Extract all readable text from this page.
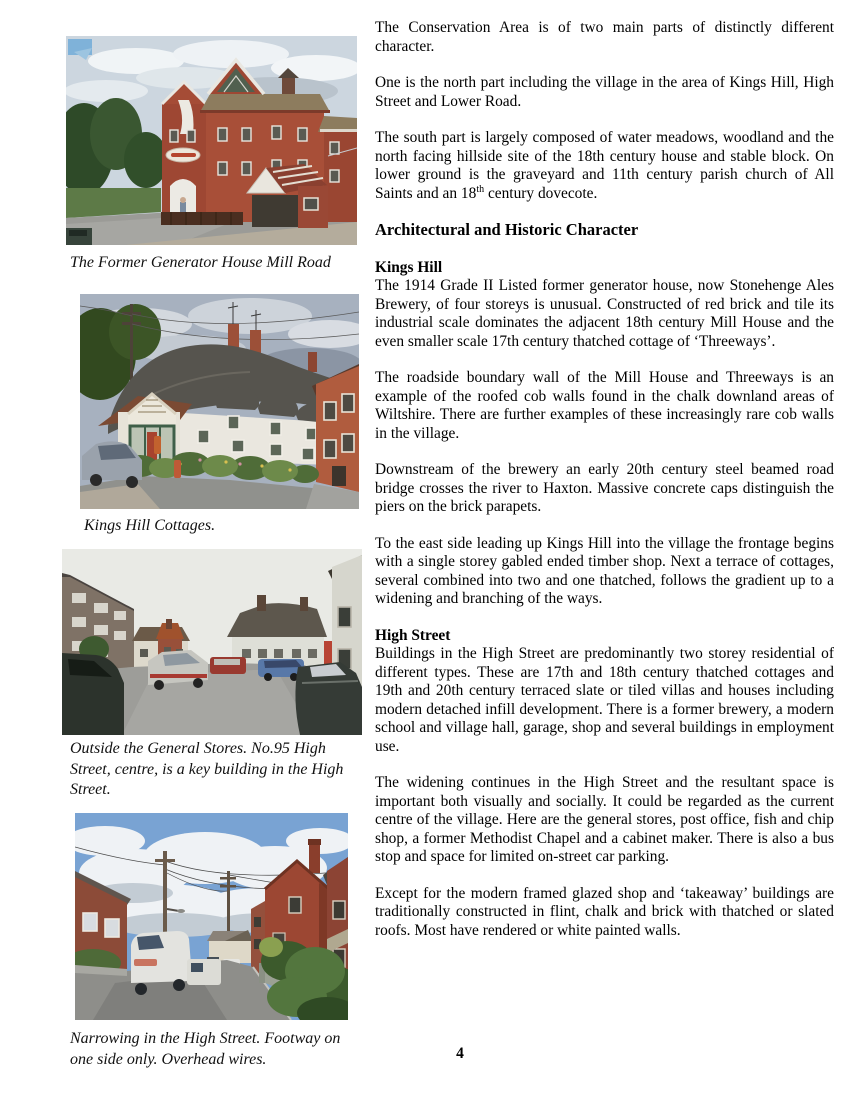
The Former Generator House Mill Road
Kings Hill Cottages.
Outside the General Stores. No.95 High Street, centre, is a key building in the High Street.
Narrowing in the High Street. Footway on one side only. Overhead wires.

The Conservation Area is of two main parts of distinctly different character.

One is the north part including the village in the area of Kings Hill, High Street and Lower Road.

The south part is largely composed of water meadows, woodland and the north facing hillside site of the 18th century house and stable block. On lower ground is the graveyard and 11th century parish church of All Saints and an 18th century dovecote.

Architectural and Historic Character
Kings Hill

The 1914 Grade II Listed former generator house, now Stonehenge Ales Brewery, of four storeys is unusual. Constructed of red brick and tile its industrial scale dominates the adjacent 18th century Mill House and the even smaller scale 17th century thatched cottage of ‘Threeways’.

The roadside boundary wall of the Mill House and Threeways is an example of the roofed cob walls found in the chalk downland areas of Wiltshire. There are further examples of these increasingly rare cob walls in the village.

Downstream of the brewery an early 20th century steel beamed road bridge crosses the river to Haxton. Massive concrete caps distinguish the piers on the brick parapets.

To the east side leading up Kings Hill into the village the frontage begins with a single storey gabled ended timber shop. Next a terrace of cottages, several combined into two and one thatched, follows the gradient up to a widening and branching of the ways.

High Street

Buildings in the High Street are predominantly two storey residential of different types. These are 17th and 18th century thatched cottages and 19th and 20th century terraced slate or tiled villas and houses including modern detached infill development. There is a former brewery, a modern school and village hall, garage, shop and several buildings in employment use.

The widening continues in the High Street and the resultant space is important both visually and socially. It could be regarded as the current centre of the village. Here are the general stores, post office, fish and chip shop, a former Methodist Chapel and a cabinet maker. There is also a bus stop and space for limited on-street car parking.

Except for the modern framed glazed shop and ‘takeaway’ buildings are traditionally constructed in flint, chalk and brick with thatched or slated roofs. Most have rendered or white painted walls.

4
